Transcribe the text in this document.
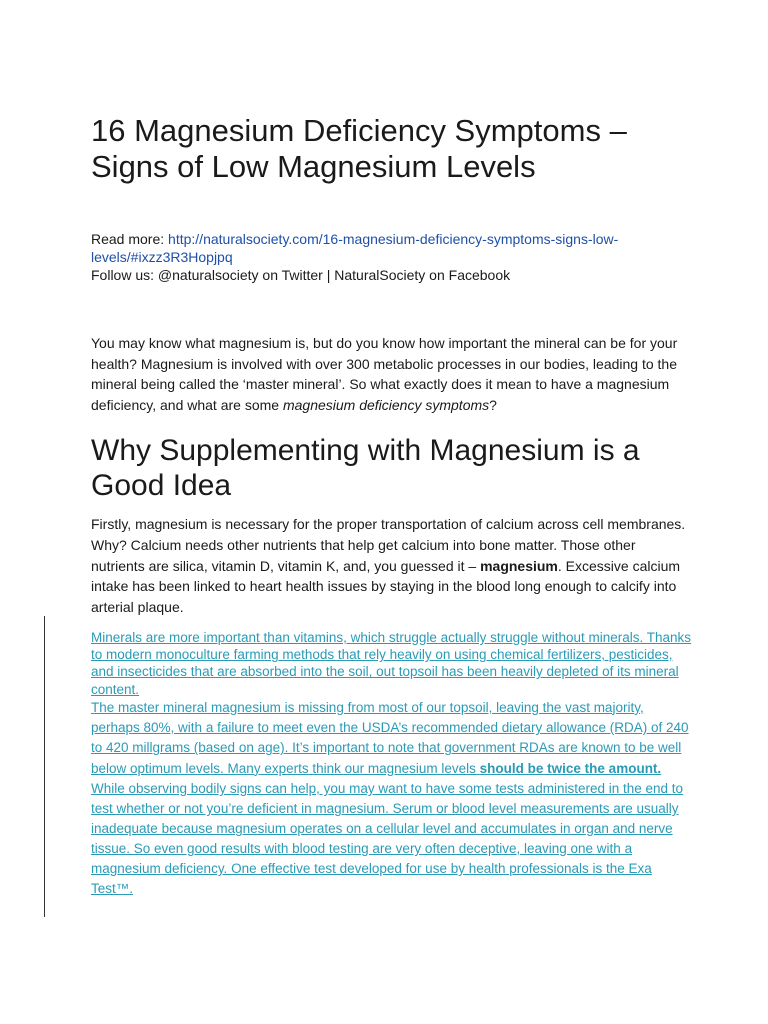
16 Magnesium Deficiency Symptoms – Signs of Low Magnesium Levels
Read more: http://naturalsociety.com/16-magnesium-deficiency-symptoms-signs-low-levels/#ixzz3R3Hopjpq
Follow us: @naturalsociety on Twitter | NaturalSociety on Facebook

You may know what magnesium is, but do you know how important the mineral can be for your health? Magnesium is involved with over 300 metabolic processes in our bodies, leading to the mineral being called the ‘master mineral’. So what exactly does it mean to have a magnesium deficiency, and what are some magnesium deficiency symptoms?

Why Supplementing with Magnesium is a Good Idea

Firstly, magnesium is necessary for the proper transportation of calcium across cell membranes. Why? Calcium needs other nutrients that help get calcium into bone matter. Those other nutrients are silica, vitamin D, vitamin K, and, you guessed it – magnesium. Excessive calcium intake has been linked to heart health issues by staying in the blood long enough to calcify into arterial plaque.

Minerals are more important than vitamins, which struggle actually struggle without minerals. Thanks to modern monoculture farming methods that rely heavily on using chemical fertilizers, pesticides, and insecticides that are absorbed into the soil, out topsoil has been heavily depleted of its mineral content.

The master mineral magnesium is missing from most of our topsoil, leaving the vast majority, perhaps 80%, with a failure to meet even the USDA’s recommended dietary allowance (RDA) of 240 to 420 millgrams (based on age). It’s important to note that government RDAs are known to be well below optimum levels. Many experts think our magnesium levels should be twice the amount.

While observing bodily signs can help, you may want to have some tests administered in the end to test whether or not you’re deficient in magnesium. Serum or blood level measurements are usually inadequate because magnesium operates on a cellular level and accumulates in organ and nerve tissue. So even good results with blood testing are very often deceptive, leaving one with a magnesium deficiency. One effective test developed for use by health professionals is the Exa Test™.
